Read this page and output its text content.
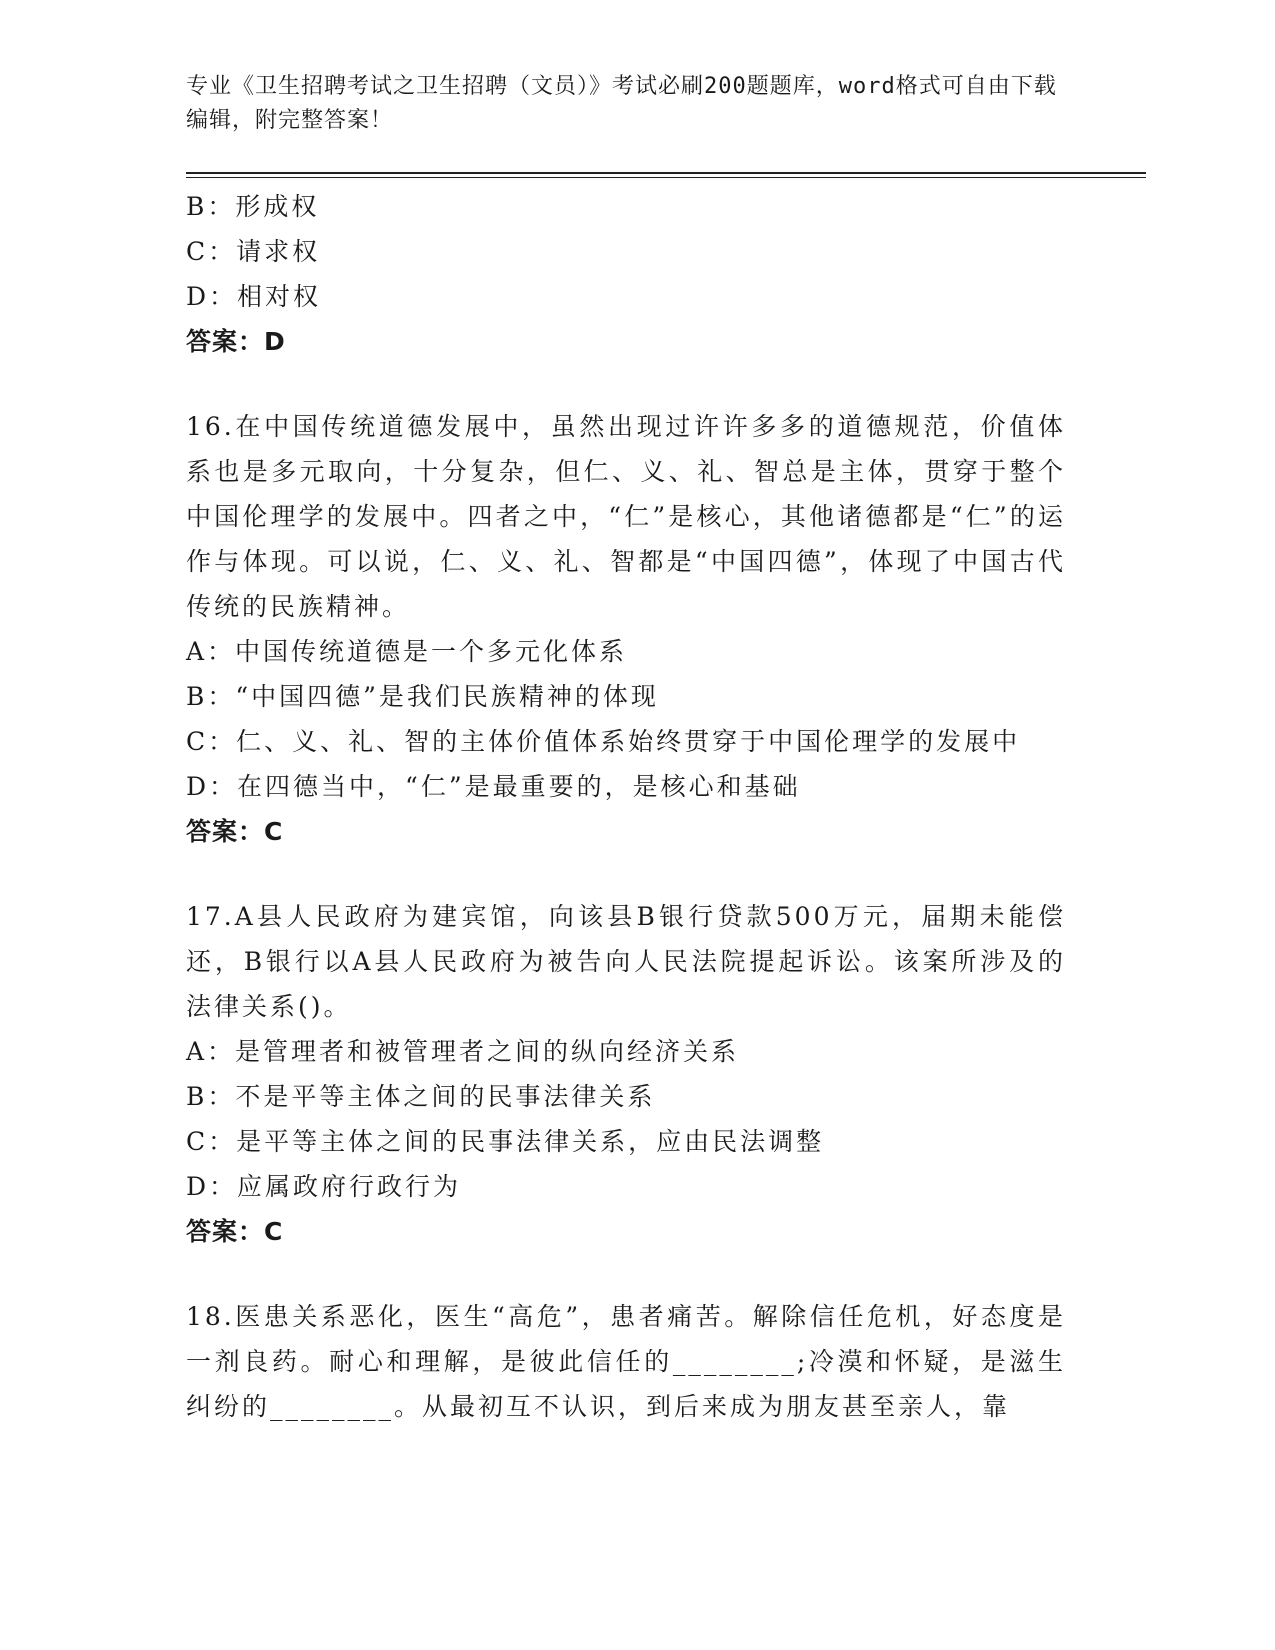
专业《卫生招聘考试之卫生招聘（文员）》考试必刷200题题库，word格式可自由下载编辑，附完整答案！

B：形成权
C：请求权
D：相对权
答案：D

16.在中国传统道德发展中，虽然出现过许许多多的道德规范，价值体系也是多元取向，十分复杂，但仁、义、礼、智总是主体，贯穿于整个中国伦理学的发展中。四者之中，“仁”是核心，其他诸德都是“仁”的运作与体现。可以说，仁、义、礼、智都是“中国四德”，体现了中国古代传统的民族精神。

A：中国传统道德是一个多元化体系
B：“中国四德”是我们民族精神的体现
C：仁、义、礼、智的主体价值体系始终贯穿于中国伦理学的发展中
D：在四德当中，“仁”是最重要的，是核心和基础
答案：C

17.A县人民政府为建宾馆，向该县B银行贷款500万元，届期未能偿还，B银行以A县人民政府为被告向人民法院提起诉讼。该案所涉及的法律关系()。

A：是管理者和被管理者之间的纵向经济关系
B：不是平等主体之间的民事法律关系
C：是平等主体之间的民事法律关系，应由民法调整
D：应属政府行政行为
答案：C

18.医患关系恶化，医生“高危”，患者痛苦。解除信任危机，好态度是一剂良药。耐心和理解，是彼此信任的________;冷漠和怀疑，是滋生纠纷的________。从最初互不认识，到后来成为朋友甚至亲人，靠
